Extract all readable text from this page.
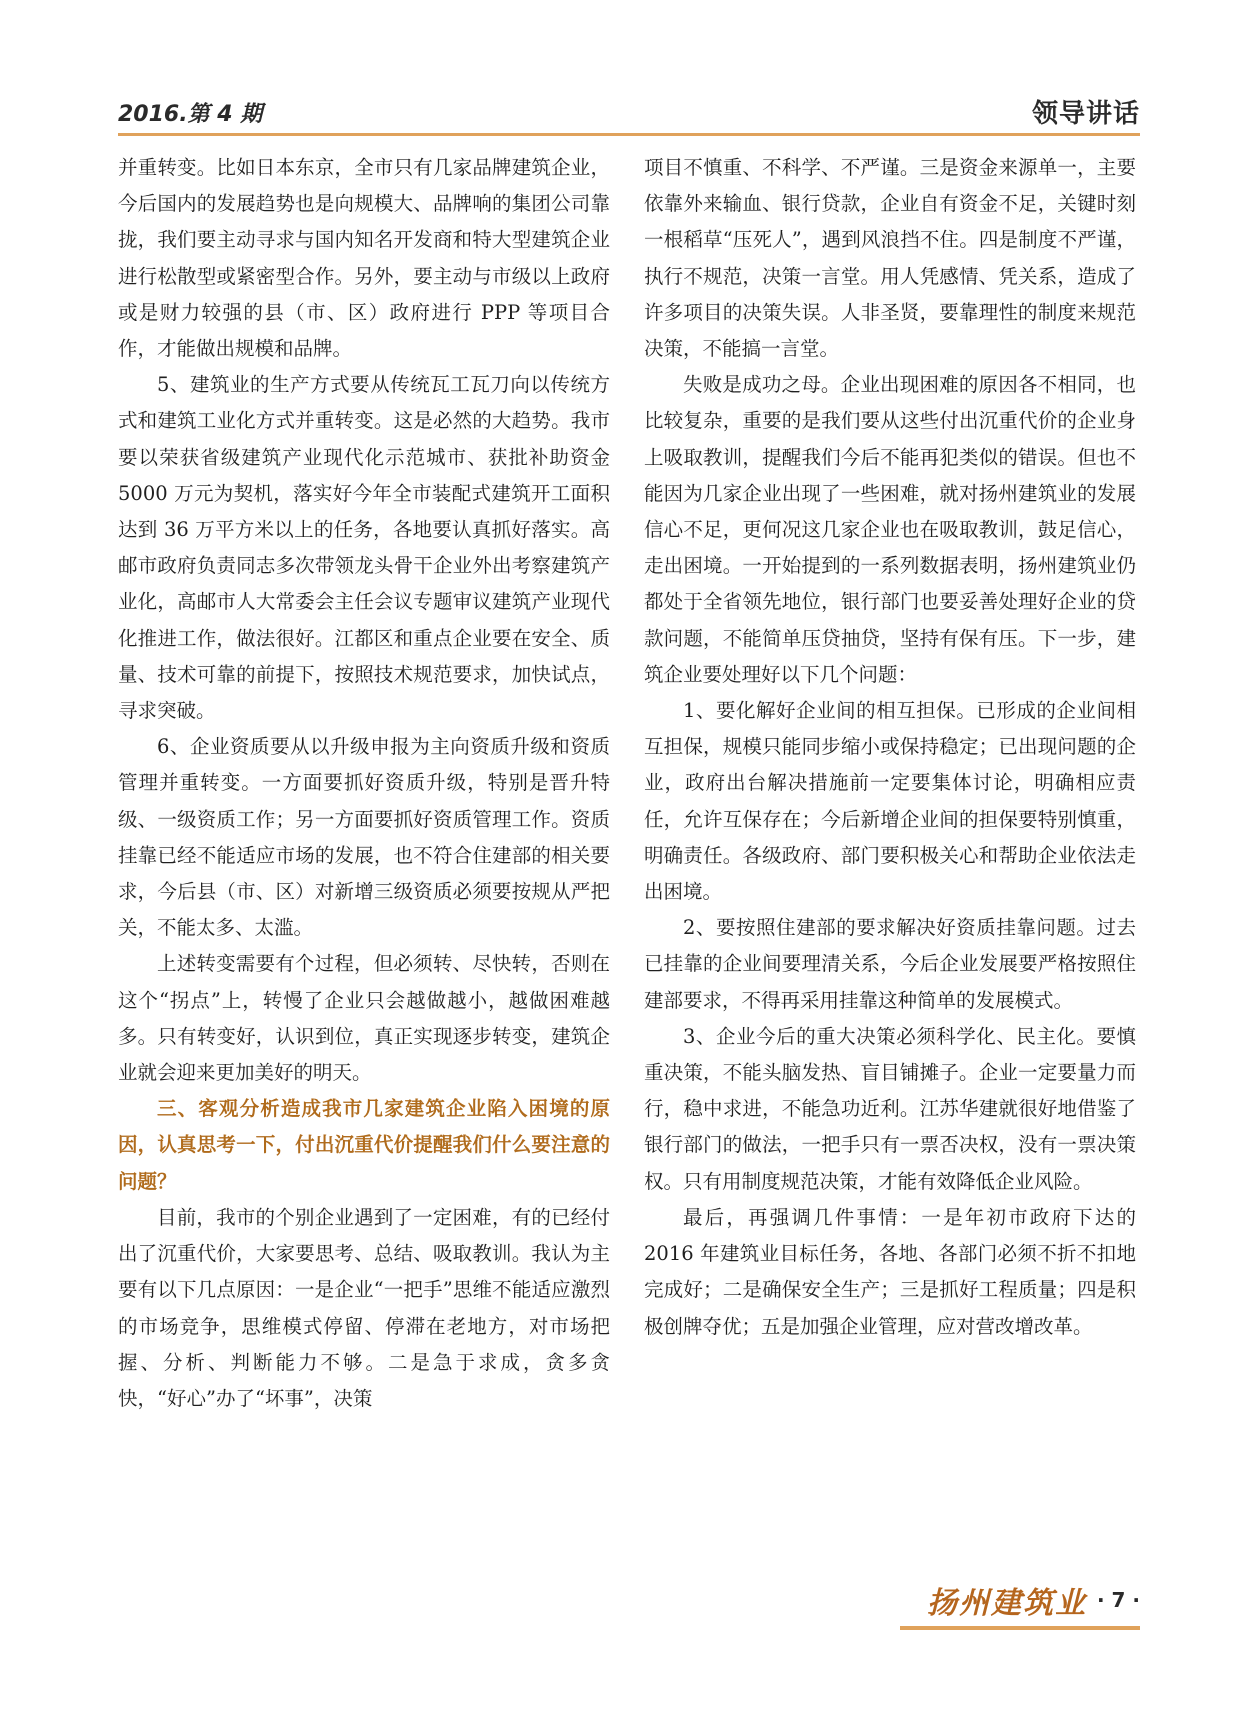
2016.第 4 期	领导讲话

并重转变。比如日本东京，全市只有几家品牌建筑企业，今后国内的发展趋势也是向规模大、品牌响的集团公司靠拢，我们要主动寻求与国内知名开发商和特大型建筑企业进行松散型或紧密型合作。另外，要主动与市级以上政府或是财力较强的县（市、区）政府进行 PPP 等项目合作，才能做出规模和品牌。

5、建筑业的生产方式要从传统瓦工瓦刀向以传统方式和建筑工业化方式并重转变。这是必然的大趋势。我市要以荣获省级建筑产业现代化示范城市、获批补助资金 5000 万元为契机，落实好今年全市装配式建筑开工面积达到 36 万平方米以上的任务，各地要认真抓好落实。高邮市政府负责同志多次带领龙头骨干企业外出考察建筑产业化，高邮市人大常委会主任会议专题审议建筑产业现代化推进工作，做法很好。江都区和重点企业要在安全、质量、技术可靠的前提下，按照技术规范要求，加快试点，寻求突破。

6、企业资质要从以升级申报为主向资质升级和资质管理并重转变。一方面要抓好资质升级，特别是晋升特级、一级资质工作；另一方面要抓好资质管理工作。资质挂靠已经不能适应市场的发展，也不符合住建部的相关要求，今后县（市、区）对新增三级资质必须要按规从严把关，不能太多、太滥。

上述转变需要有个过程，但必须转、尽快转，否则在这个“拐点”上，转慢了企业只会越做越小，越做困难越多。只有转变好，认识到位，真正实现逐步转变，建筑企业就会迎来更加美好的明天。

三、客观分析造成我市几家建筑企业陷入困境的原因，认真思考一下，付出沉重代价提醒我们什么要注意的问题？

目前，我市的个别企业遇到了一定困难，有的已经付出了沉重代价，大家要思考、总结、吸取教训。我认为主要有以下几点原因：一是企业“一把手”思维不能适应激烈的市场竞争，思维模式停留、停滞在老地方，对市场把握、分析、判断能力不够。二是急于求成，贪多贪快，“好心”办了“坏事”，决策

项目不慎重、不科学、不严谨。三是资金来源单一，主要依靠外来输血、银行贷款，企业自有资金不足，关键时刻一根稻草“压死人”，遇到风浪挡不住。四是制度不严谨，执行不规范，决策一言堂。用人凭感情、凭关系，造成了许多项目的决策失误。人非圣贤，要靠理性的制度来规范决策，不能搞一言堂。

失败是成功之母。企业出现困难的原因各不相同，也比较复杂，重要的是我们要从这些付出沉重代价的企业身上吸取教训，提醒我们今后不能再犯类似的错误。但也不能因为几家企业出现了一些困难，就对扬州建筑业的发展信心不足，更何况这几家企业也在吸取教训，鼓足信心，走出困境。一开始提到的一系列数据表明，扬州建筑业仍都处于全省领先地位，银行部门也要妥善处理好企业的贷款问题，不能简单压贷抽贷，坚持有保有压。下一步，建筑企业要处理好以下几个问题：

1、要化解好企业间的相互担保。已形成的企业间相互担保，规模只能同步缩小或保持稳定；已出现问题的企业，政府出台解决措施前一定要集体讨论，明确相应责任，允许互保存在；今后新增企业间的担保要特别慎重，明确责任。各级政府、部门要积极关心和帮助企业依法走出困境。

2、要按照住建部的要求解决好资质挂靠问题。过去已挂靠的企业间要理清关系，今后企业发展要严格按照住建部要求，不得再采用挂靠这种简单的发展模式。

3、企业今后的重大决策必须科学化、民主化。要慎重决策，不能头脑发热、盲目铺摊子。企业一定要量力而行，稳中求进，不能急功近利。江苏华建就很好地借鉴了银行部门的做法，一把手只有一票否决权，没有一票决策权。只有用制度规范决策，才能有效降低企业风险。

最后，再强调几件事情：一是年初市政府下达的 2016 年建筑业目标任务，各地、各部门必须不折不扣地完成好；二是确保安全生产；三是抓好工程质量；四是积极创牌夺优；五是加强企业管理，应对营改增改革。

扬州建筑业 · 7 ·
